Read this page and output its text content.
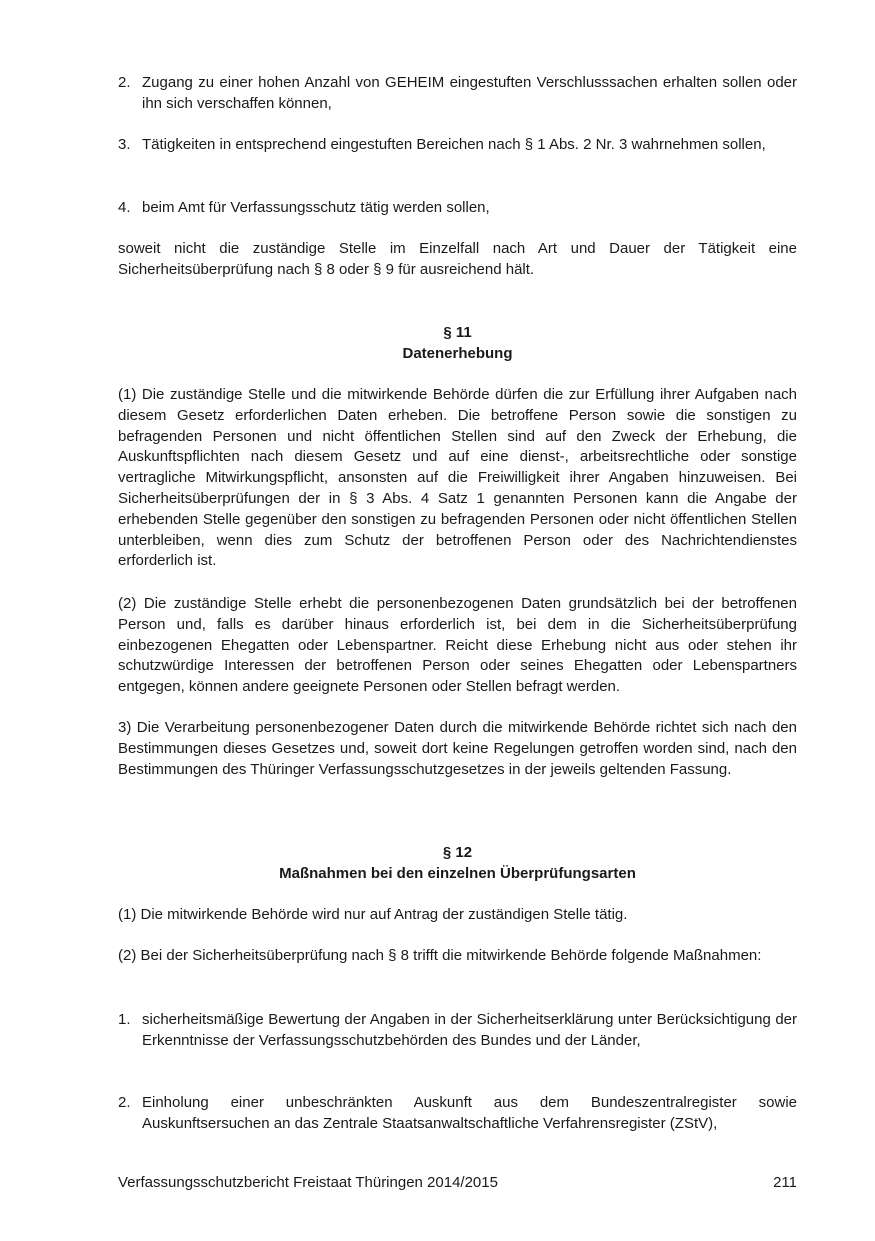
2. Zugang zu einer hohen Anzahl von GEHEIM eingestuften Verschlusssachen erhalten sollen oder ihn sich verschaffen können,
3. Tätigkeiten in entsprechend eingestuften Bereichen nach § 1 Abs. 2 Nr. 3 wahrnehmen sollen,
4. beim Amt für Verfassungsschutz tätig werden sollen,

soweit nicht die zuständige Stelle im Einzelfall nach Art und Dauer der Tätigkeit eine Sicherheitsüberprüfung nach § 8 oder § 9 für ausreichend hält.

§ 11
Datenerhebung

(1) Die zuständige Stelle und die mitwirkende Behörde dürfen die zur Erfüllung ihrer Aufgaben nach diesem Gesetz erforderlichen Daten erheben. Die betroffene Person sowie die sonstigen zu befragenden Personen und nicht öffentlichen Stellen sind auf den Zweck der Erhebung, die Auskunftspflichten nach diesem Gesetz und auf eine dienst-, arbeitsrechtliche oder sonstige vertragliche Mitwirkungspflicht, ansonsten auf die Freiwilligkeit ihrer Angaben hinzuweisen. Bei Sicherheitsüberprüfungen der in § 3 Abs. 4 Satz 1 genannten Personen kann die Angabe der erhebenden Stelle gegenüber den sonstigen zu befragenden Personen oder nicht öffentlichen Stellen unterbleiben, wenn dies zum Schutz der betroffenen Person oder des Nachrichtendienstes erforderlich ist.

(2) Die zuständige Stelle erhebt die personenbezogenen Daten grundsätzlich bei der betroffenen Person und, falls es darüber hinaus erforderlich ist, bei dem in die Sicherheitsüberprüfung einbezogenen Ehegatten oder Lebenspartner. Reicht diese Erhebung nicht aus oder stehen ihr schutzwürdige Interessen der betroffenen Person oder seines Ehegatten oder Lebenspartners entgegen, können andere geeignete Personen oder Stellen befragt werden.

3) Die Verarbeitung personenbezogener Daten durch die mitwirkende Behörde richtet sich nach den Bestimmungen dieses Gesetzes und, soweit dort keine Regelungen getroffen worden sind, nach den Bestimmungen des Thüringer Verfassungsschutzgesetzes in der jeweils geltenden Fassung.

§ 12
Maßnahmen bei den einzelnen Überprüfungsarten

(1) Die mitwirkende Behörde wird nur auf Antrag der zuständigen Stelle tätig.

(2) Bei der Sicherheitsüberprüfung nach § 8 trifft die mitwirkende Behörde folgende Maßnahmen:

1. sicherheitsmäßige Bewertung der Angaben in der Sicherheitserklärung unter Berücksichtigung der Erkenntnisse der Verfassungsschutzbehörden des Bundes und der Länder,
2. Einholung einer unbeschränkten Auskunft aus dem Bundeszentralregister sowie Auskunftsersuchen an das Zentrale Staatsanwaltschaftliche Verfahrensregister (ZStV),
Verfassungsschutzbericht Freistaat Thüringen 2014/2015	211
